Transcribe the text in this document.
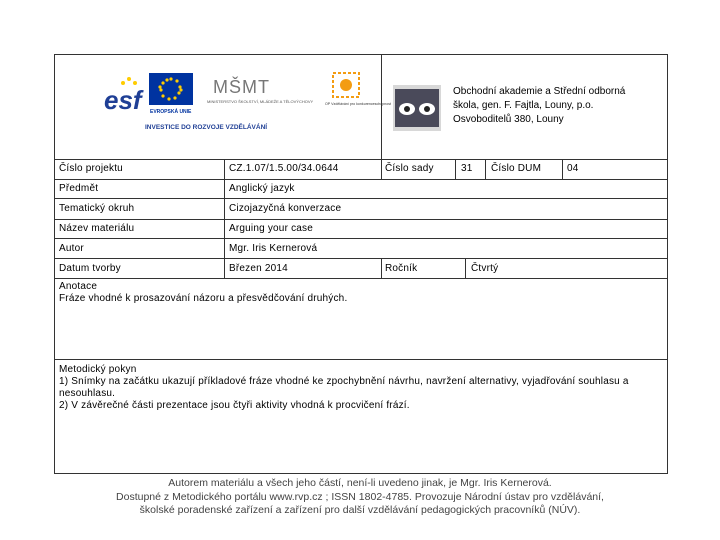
esf	EVROPSKÁ UNIE
MŠMT
MINISTERSTVO ŠKOLSTVÍ, MLÁDEŽE A TĚLOVÝCHOVY	OP Vzdělávání pro konkurenceschopnost
INVESTICE DO ROZVOJE VZDĚLÁVÁNÍ
Obchodní akademie a Střední odborná
škola, gen. F. Fajtla, Louny, p.o.
Osvoboditelů 380, Louny
Číslo projektu	CZ.1.07/1.5.00/34.0644	Číslo sady	31 Číslo DUM	04
Předmět	Anglický jazyk
Tematický okruh	Cizojazyčná konverzace
Název materiálu	Arguing your case
Autor	Mgr. Iris Kernerová
Datum tvorby	Březen 2014	Ročník	Čtvrtý
Anotace
Fráze vhodné k prosazování názoru a přesvědčování druhých.
Metodický pokyn
1) Snímky na začátku ukazují příkladové fráze vhodné ke zpochybnění návrhu, navržení alternativy, vyjadřování souhlasu a nesouhlasu.
2) V závěrečné části prezentace jsou čtyři aktivity vhodná k procvičení frází.
Autorem materiálu a všech jeho částí, není-li uvedeno jinak, je Mgr. Iris Kernerová.
Dostupné z Metodického portálu www.rvp.cz ; ISSN 1802-4785. Provozuje Národní ústav pro vzdělávání,
školské poradenské zařízení a zařízení pro další vzdělávání pedagogických pracovníků (NÚV).
